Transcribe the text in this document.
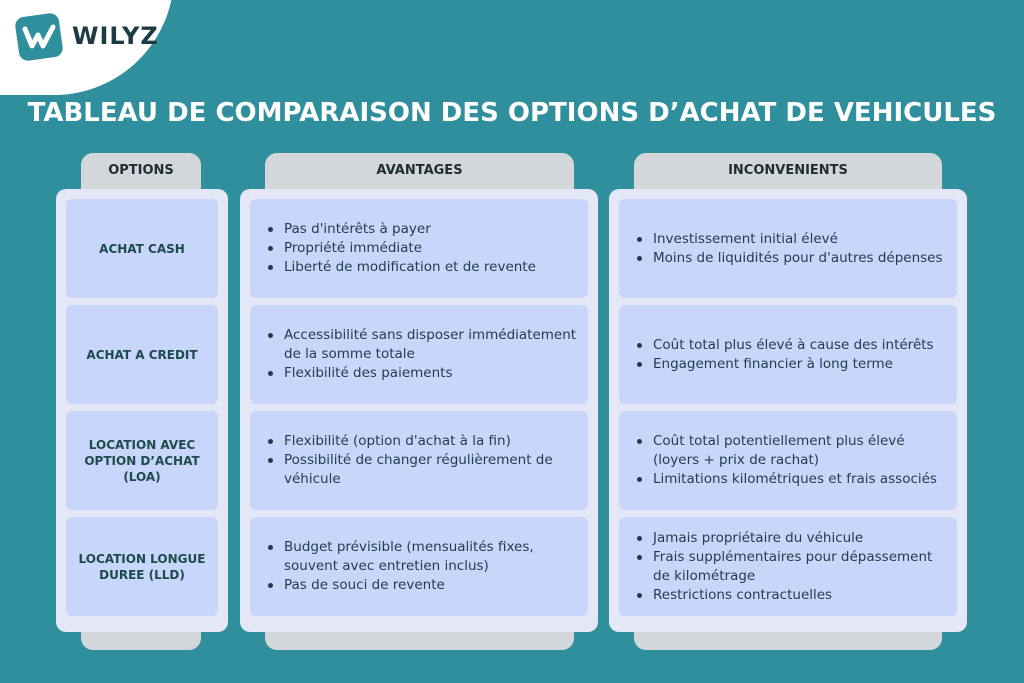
WILYZ
TABLEAU DE COMPARAISON DES OPTIONS D’ACHAT DE VEHICULES
OPTIONS	AVANTAGES	INCONVENIENTS
ACHAT CASH
Pas d'intérêts à payer
Propriété immédiate
Liberté de modification et de revente
Investissement initial élevé
Moins de liquidités pour d'autres dépenses
ACHAT A CREDIT
Accessibilité sans disposer immédiatement de la somme totale
Flexibilité des paiements
Coût total plus élevé à cause des intérêts
Engagement financier à long terme
LOCATION AVEC OPTION D’ACHAT (LOA)
Flexibilité (option d'achat à la fin)
Possibilité de changer régulièrement de véhicule
Coût total potentiellement plus élevé (loyers + prix de rachat)
Limitations kilométriques et frais associés
LOCATION LONGUE DUREE (LLD)
Budget prévisible (mensualités fixes, souvent avec entretien inclus)
Pas de souci de revente
Jamais propriétaire du véhicule
Frais supplémentaires pour dépassement de kilométrage
Restrictions contractuelles
